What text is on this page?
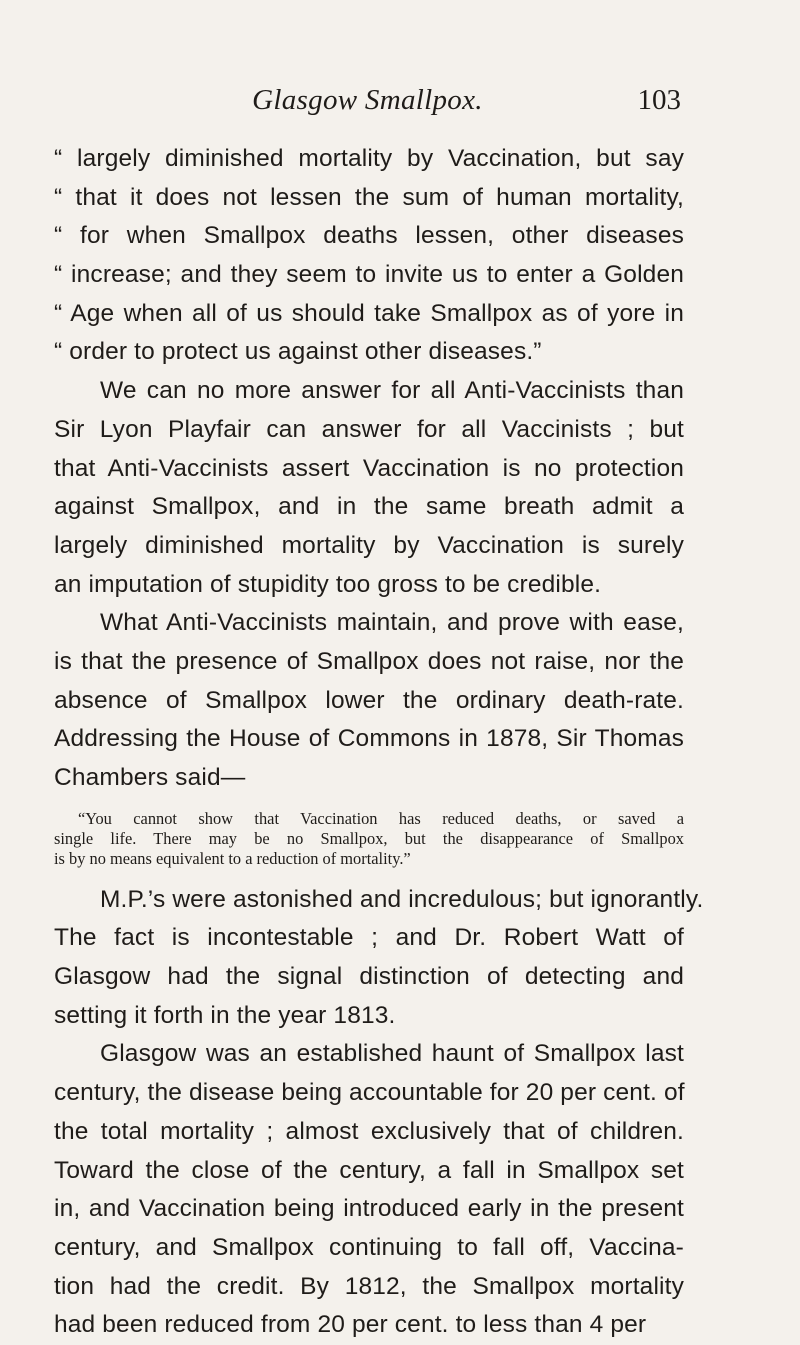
Glasgow Smallpox.	103
“ largely diminished mortality by Vaccination, but say
“ that it does not lessen the sum of human mortality,
“ for when Smallpox deaths lessen, other diseases
“ increase; and they seem to invite us to enter a Golden
“ Age when all of us should take Smallpox as of yore in
“ order to protect us against other diseases.”
We can no more answer for all Anti-Vaccinists than
Sir Lyon Playfair can answer for all Vaccinists ; but
that Anti-Vaccinists assert Vaccination is no protection
against Smallpox, and in the same breath admit a
largely diminished mortality by Vaccination is surely
an imputation of stupidity too gross to be credible.
What Anti-Vaccinists maintain, and prove with ease,
is that the presence of Smallpox does not raise, nor the
absence of Smallpox lower the ordinary death-rate.
Addressing the House of Commons in 1878, Sir Thomas
Chambers said—
“You cannot show that Vaccination has reduced deaths, or saved a
single life. There may be no Smallpox, but the disappearance of Smallpox
is by no means equivalent to a reduction of mortality.”
M.P.’s were astonished and incredulous; but ignorantly.
The fact is incontestable ; and Dr. Robert Watt of
Glasgow had the signal distinction of detecting and
setting it forth in the year 1813.
Glasgow was an established haunt of Smallpox last
century, the disease being accountable for 20 per cent. of
the total mortality ; almost exclusively that of children.
Toward the close of the century, a fall in Smallpox set
in, and Vaccination being introduced early in the present
century, and Smallpox continuing to fall off, Vaccina-
tion had the credit. By 1812, the Smallpox mortality
had been reduced from 20 per cent. to less than 4 per
